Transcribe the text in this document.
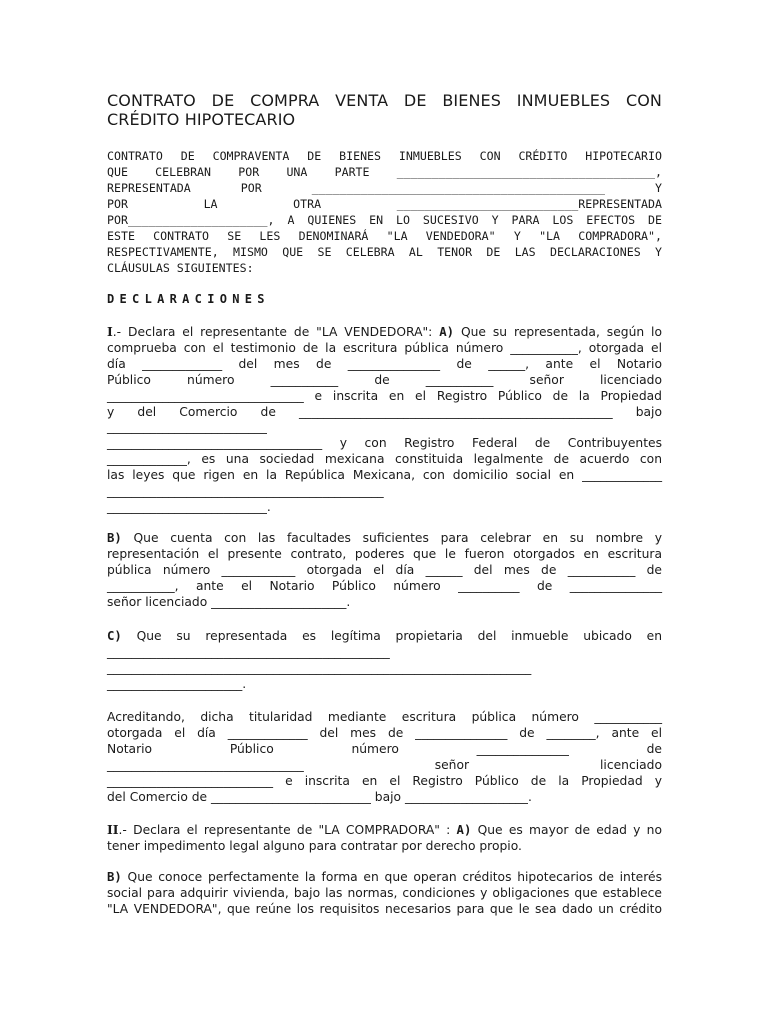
CONTRATO DE COMPRA VENTA DE BIENES INMUEBLES CON CRÉDITO HIPOTECARIO
CONTRATO DE COMPRAVENTA DE BIENES INMUEBLES CON CRÉDITO HIPOTECARIO
QUE CELEBRAN POR UNA PARTE _____________________________________,
REPRESENTADA POR __________________________________________ Y
POR LA OTRA __________________________REPRESENTADA
POR____________________, A QUIENES EN LO SUCESIVO Y PARA LOS EFECTOS DE
ESTE CONTRATO SE LES DENOMINARÁ "LA VENDEDORA" Y "LA COMPRADORA",
RESPECTIVAMENTE, MISMO QUE SE CELEBRA AL TENOR DE LAS DECLARACIONES Y
CLÁUSULAS SIGUIENTES:
DECLARACIONES
I.- Declara el representante de "LA VENDEDORA": A) Que su representada, según lo
comprueba con el testimonio de la escritura pública número ___________, otorgada el
día _____________ del mes de _______________ de ______, ante el Notario
Público número ___________ de ___________ señor licenciado
________________________________ e inscrita en el Registro Público de la Propiedad
y del Comercio de ___________________________________________________ bajo
__________________________
___________________________________ y con Registro Federal de Contribuyentes
_____________, es una sociedad mexicana constituida legalmente de acuerdo con
las leyes que rigen en la República Mexicana, con domicilio social en _____________
_____________________________________________
__________________________.
B) Que cuenta con las facultades suficientes para celebrar en su nombre y
representación el presente contrato, poderes que le fueron otorgados en escritura
pública número ____________ otorgada el día ______ del mes de ___________ de
___________, ante el Notario Público número __________ de _______________
señor licenciado ______________________.
C) Que su representada es legítima propietaria del inmueble ubicado en
______________________________________________
_____________________________________________________________________
______________________.
Acreditando, dicha titularidad mediante escritura pública número ___________
otorgada el día _____________ del mes de _______________ de ________, ante el
Notario Público número _______________ de
________________________________ señor licenciado
___________________________ e inscrita en el Registro Público de la Propiedad y
del Comercio de __________________________ bajo ____________________.
II.- Declara el representante de "LA COMPRADORA" : A) Que es mayor de edad y no
tener impedimento legal alguno para contratar por derecho propio.
B) Que conoce perfectamente la forma en que operan créditos hipotecarios de interés
social para adquirir vivienda, bajo las normas, condiciones y obligaciones que establece
"LA VENDEDORA", que reúne los requisitos necesarios para que le sea dado un crédito
